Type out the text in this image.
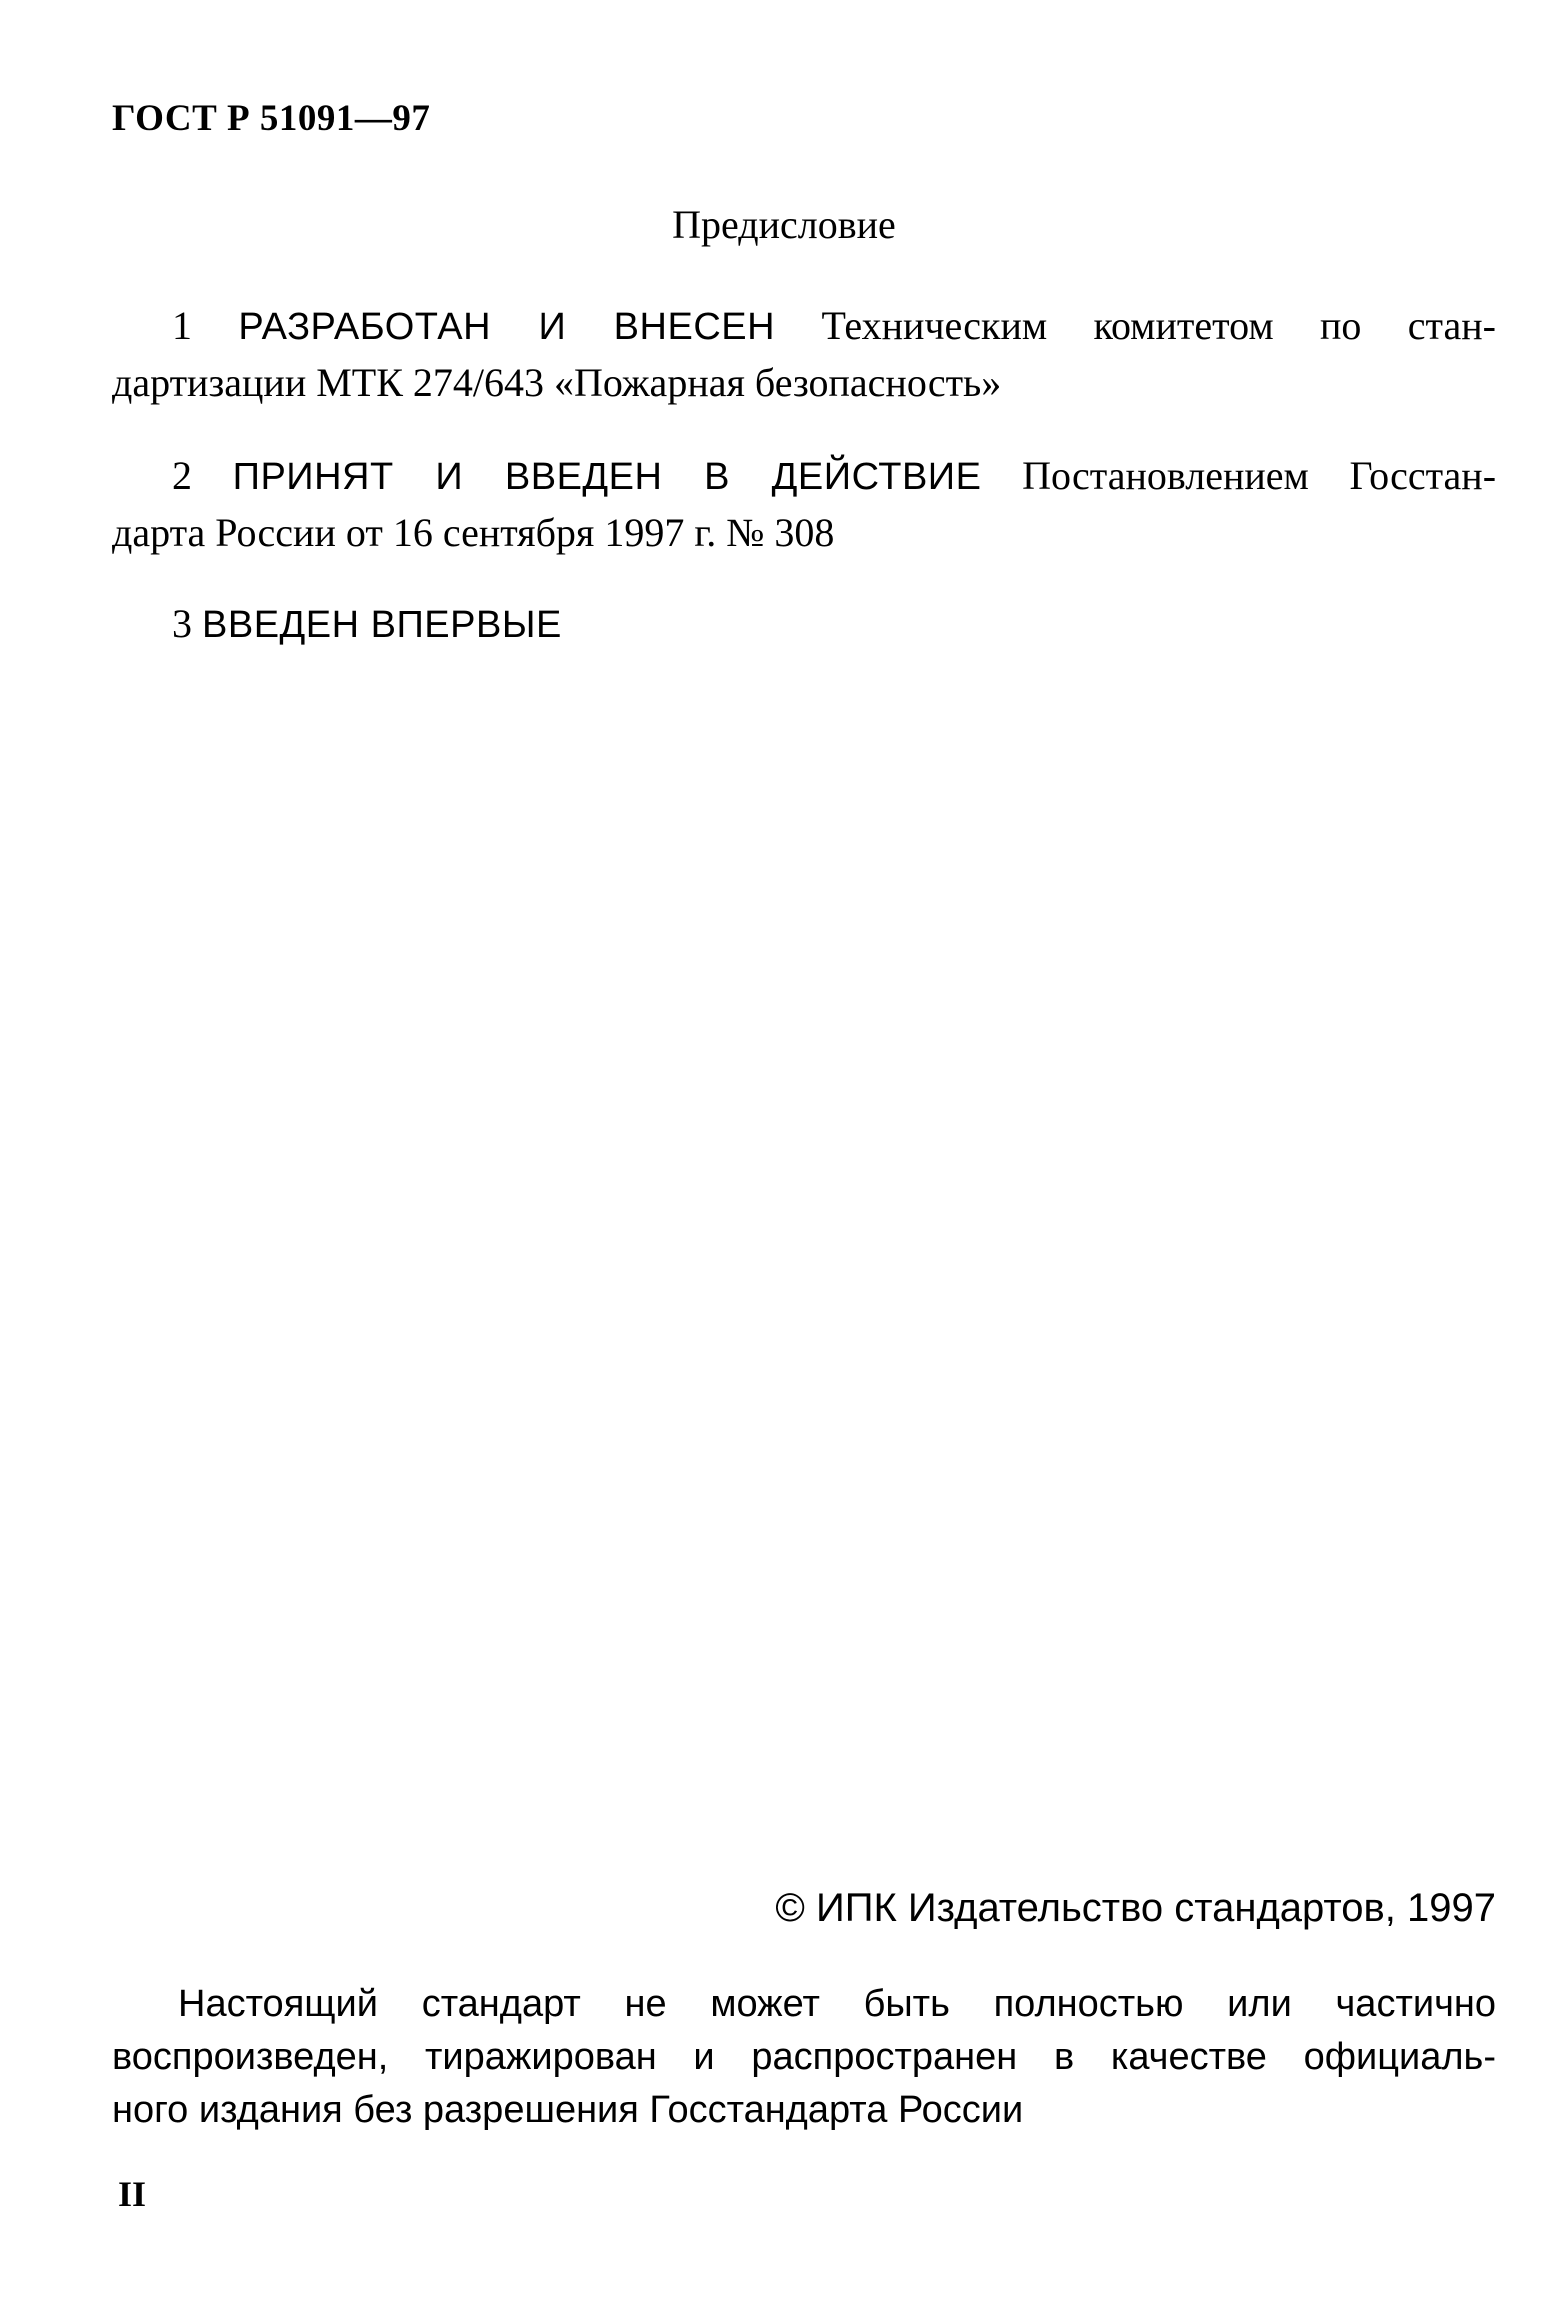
ГОСТ Р 51091—97
Предисловие
1 РАЗРАБОТАН И ВНЕСЕН Техническим комитетом по стан-
дартизации МТК 274/643 «Пожарная безопасность»
2 ПРИНЯТ И ВВЕДЕН В ДЕЙСТВИЕ Постановлением Госстан-
дарта России от 16 сентября 1997 г. № 308
3 ВВЕДЕН ВПЕРВЫЕ
© ИПК Издательство стандартов, 1997
Настоящий стандарт не может быть полностью или частично
воспроизведен, тиражирован и распространен в качестве официаль-
ного издания без разрешения Госстандарта России
II
